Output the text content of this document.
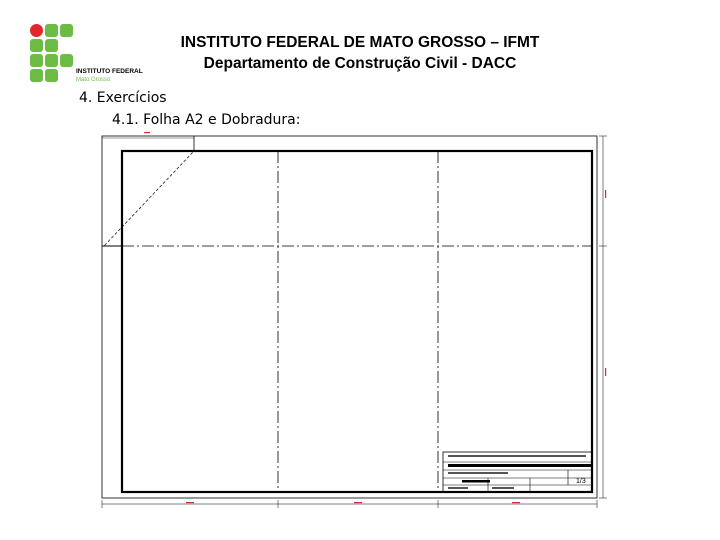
INSTITUTO FEDERAL
Mato Grosso
INSTITUTO FEDERAL DE MATO GROSSO – IFMT
Departamento de Construção Civil - DACC
4. Exercícios
4.1. Folha A2 e Dobradura:
1/3
